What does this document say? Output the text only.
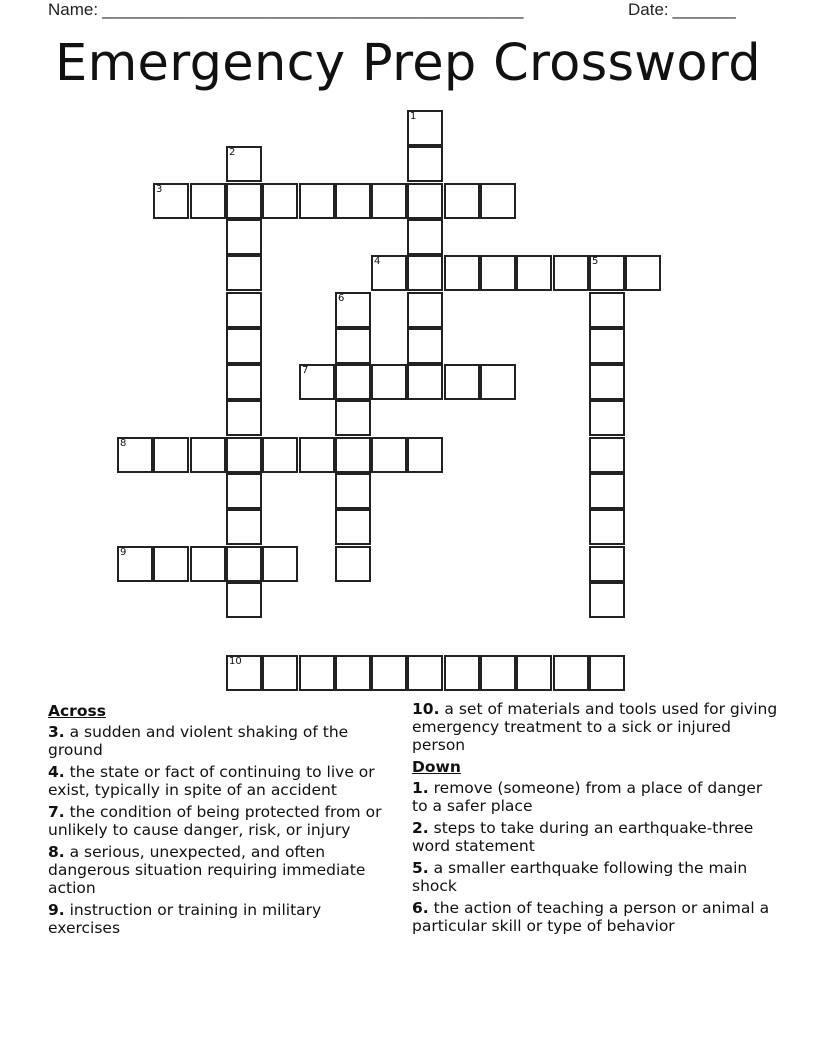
Name: _______________________________________________	Date: _______
Emergency Prep Crossword
1
2
3
4	5
6
7
8
9
10
Across
3. a sudden and violent shaking of the ground
4. the state or fact of continuing to live or exist, typically in spite of an accident
7. the condition of being protected from or unlikely to cause danger, risk, or injury
8. a serious, unexpected, and often dangerous situation requiring immediate action
9. instruction or training in military exercises
10. a set of materials and tools used for giving emergency treatment to a sick or injured person
Down
1. remove (someone) from a place of danger to a safer place
2. steps to take during an earthquake-three word statement
5. a smaller earthquake following the main shock
6. the action of teaching a person or animal a particular skill or type of behavior
